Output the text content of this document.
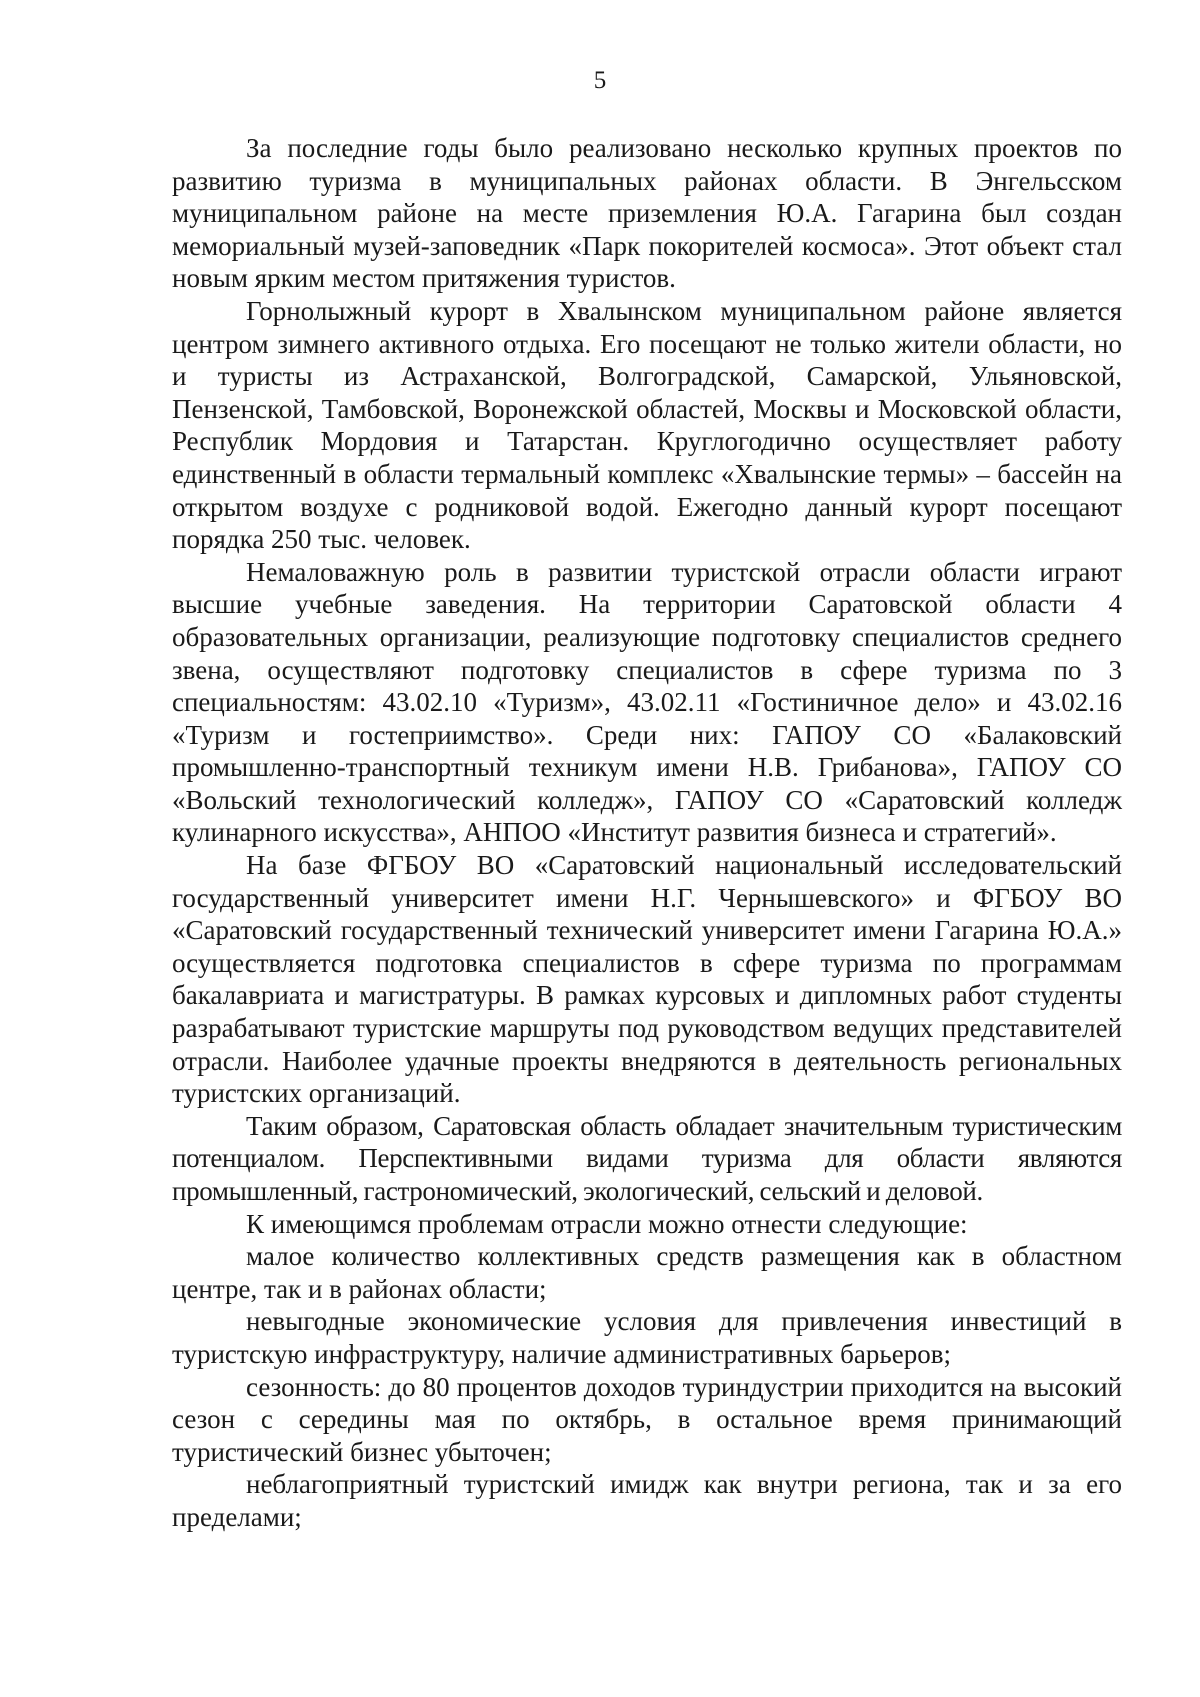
5

За последние годы было реализовано несколько крупных проектов по развитию туризма в муниципальных районах области. В Энгельсском муниципальном районе на месте приземления Ю.А. Гагарина был создан мемориальный музей-заповедник «Парк покорителей космоса». Этот объект стал новым ярким местом притяжения туристов.

Горнолыжный курорт в Хвалынском муниципальном районе является центром зимнего активного отдыха. Его посещают не только жители области, но и туристы из Астраханской, Волгоградской, Самарской, Ульяновской, Пензенской, Тамбовской, Воронежской областей, Москвы и Московской области, Республик Мордовия и Татарстан. Круглогодично осуществляет работу единственный в области термальный комплекс «Хвалынские термы» – бассейн на открытом воздухе с родниковой водой. Ежегодно данный курорт посещают порядка 250 тыс. человек.

Немаловажную роль в развитии туристской отрасли области играют высшие учебные заведения. На территории Саратовской области 4 образовательных организации, реализующие подготовку специалистов среднего звена, осуществляют подготовку специалистов в сфере туризма по 3 специальностям: 43.02.10 «Туризм», 43.02.11 «Гостиничное дело» и 43.02.16 «Туризм и гостеприимство». Среди них: ГАПОУ СО «Балаковский промышленно-транспортный техникум имени Н.В. Грибанова», ГАПОУ СО «Вольский технологический колледж», ГАПОУ СО «Саратовский колледж кулинарного искусства», АНПОО «Институт развития бизнеса и стратегий».

На базе ФГБОУ ВО «Саратовский национальный исследовательский государственный университет имени Н.Г. Чернышевского» и ФГБОУ ВО «Саратовский государственный технический университет имени Гагарина Ю.А.» осуществляется подготовка специалистов в сфере туризма по программам бакалавриата и магистратуры. В рамках курсовых и дипломных работ студенты разрабатывают туристские маршруты под руководством ведущих представителей отрасли. Наиболее удачные проекты внедряются в деятельность региональных туристских организаций.

Таким образом, Саратовская область обладает значительным туристическим потенциалом. Перспективными видами туризма для области являются промышленный, гастрономический, экологический, сельский и деловой.

К имеющимся проблемам отрасли можно отнести следующие:

малое количество коллективных средств размещения как в областном центре, так и в районах области;

невыгодные экономические условия для привлечения инвестиций в туристскую инфраструктуру, наличие административных барьеров;

сезонность: до 80 процентов доходов туриндустрии приходится на высокий сезон с середины мая по октябрь, в остальное время принимающий туристический бизнес убыточен;

неблагоприятный туристский имидж как внутри региона, так и за его пределами;
